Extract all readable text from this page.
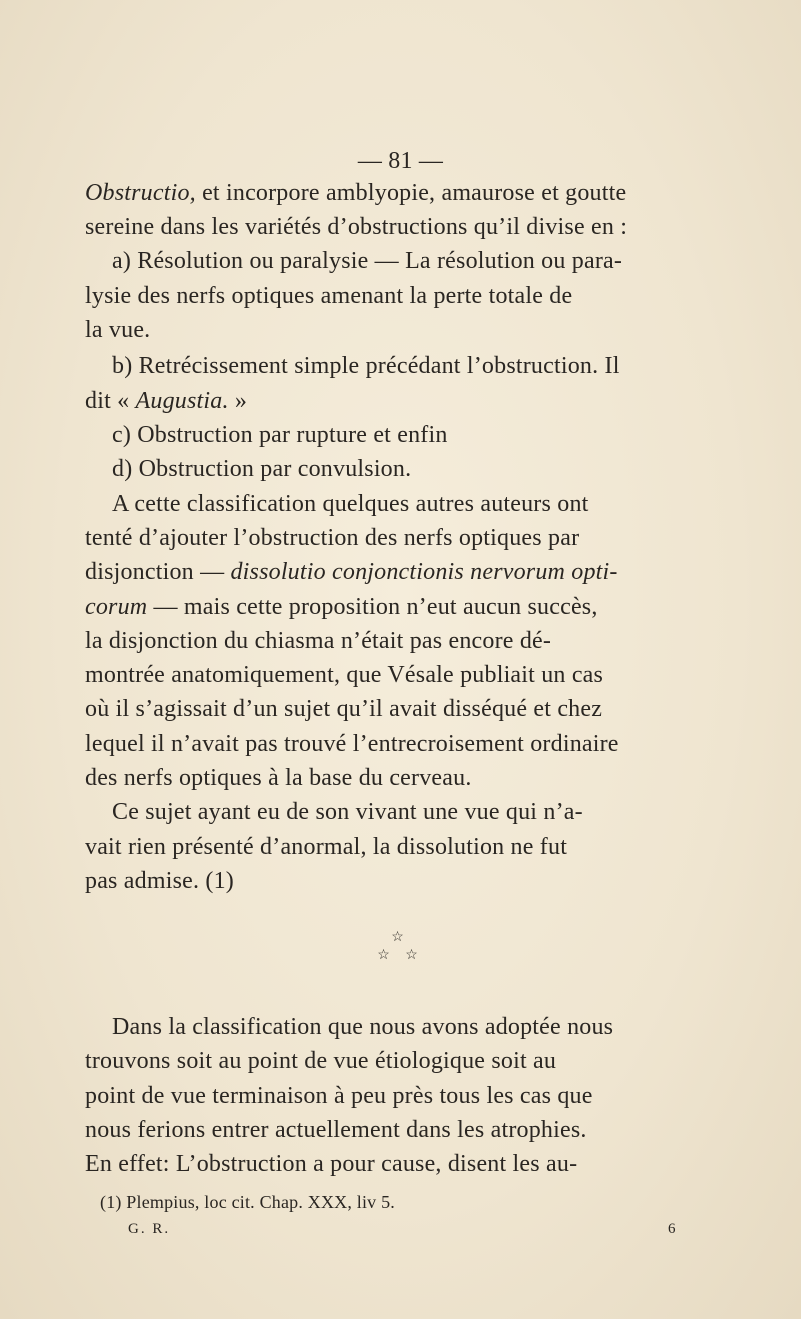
— 81 —
Obstructio, et incorpore amblyopie, amaurose et goutte
sereine dans les variétés d’obstructions qu’il divise en :
a) Résolution ou paralysie — La résolution ou para-
lysie des nerfs optiques amenant la perte totale de
la vue.
b) Retrécissement simple précédant l’obstruction. Il
dit « Augustia. »
c) Obstruction par rupture et enfin
d) Obstruction par convulsion.
A cette classification quelques autres auteurs ont
tenté d’ajouter l’obstruction des nerfs optiques par
disjonction — dissolutio conjonctionis nervorum opti-
corum — mais cette proposition n’eut aucun succès,
la disjonction du chiasma n’était pas encore dé-
montrée anatomiquement, que Vésale publiait un cas
où il s’agissait d’un sujet qu’il avait disséqué et chez
lequel il n’avait pas trouvé l’entrecroisement ordinaire
des nerfs optiques à la base du cerveau.
Ce sujet ayant eu de son vivant une vue qui n’a-
vait rien présenté d’anormal, la dissolution ne fut
pas admise. (1)
☆
☆ ☆
Dans la classification que nous avons adoptée nous
trouvons soit au point de vue étiologique soit au
point de vue terminaison à peu près tous les cas que
nous ferions entrer actuellement dans les atrophies.
En effet: L’obstruction a pour cause, disent les au-
(1) Plempius, loc cit. Chap. XXX, liv 5.
G. R.	6
